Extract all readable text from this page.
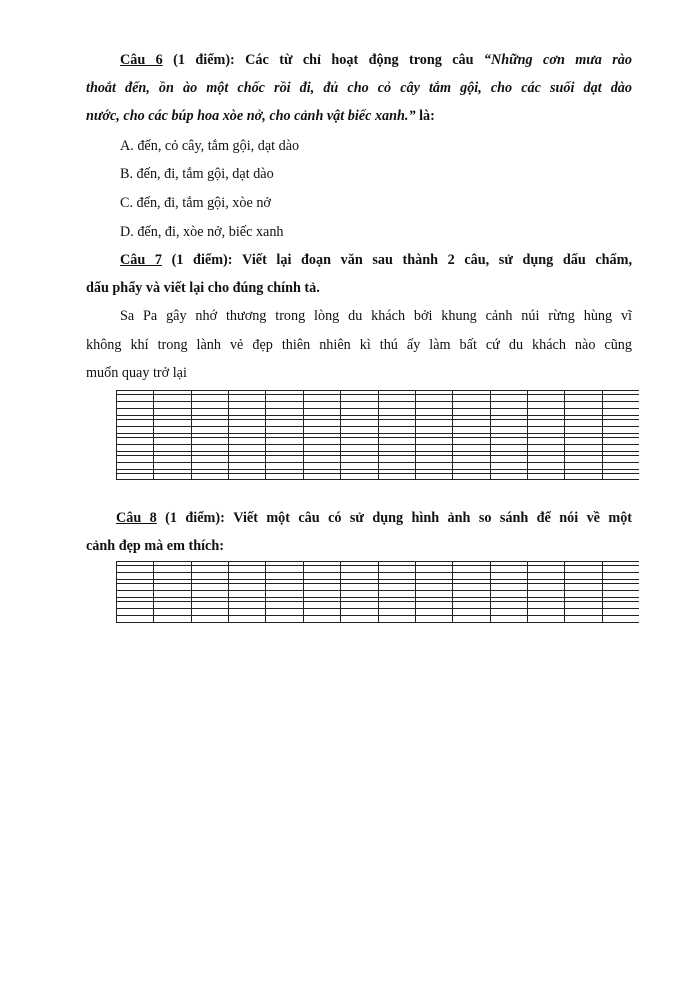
Câu 6 (1 điểm): Các từ chỉ hoạt động trong câu “Những cơn mưa rào
thoắt đến, ồn ào một chốc rồi đi, đủ cho cỏ cây tắm gội, cho các suối dạt dào
nước, cho các búp hoa xòe nở, cho cảnh vật biếc xanh.” là:
A. đến, cỏ cây, tắm gội, dạt dào
B. đến, đi, tắm gội, dạt dào
C. đến, đi, tắm gội, xòe nở
D. đến, đi, xòe nở, biếc xanh
Câu 7 (1 điểm): Viết lại đoạn văn sau thành 2 câu, sử dụng dấu chấm,
dấu phẩy và viết lại cho đúng chính tả.
Sa Pa gây nhớ thương trong lòng du khách bởi khung cảnh núi rừng hùng vĩ
không khí trong lành vẻ đẹp thiên nhiên kì thú ấy làm bất cứ du khách nào cũng
muốn quay trở lại
Câu 8 (1 điểm): Viết một câu có sử dụng hình ảnh so sánh để nói về một
cảnh đẹp mà em thích:
